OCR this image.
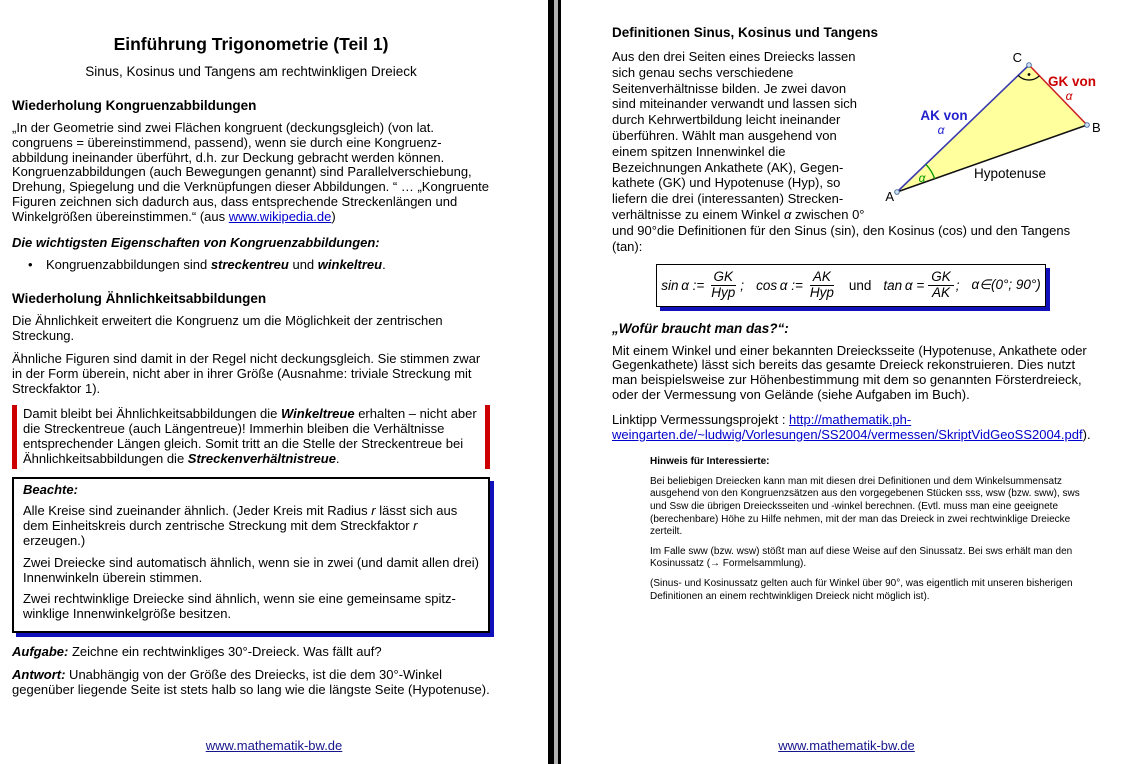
Einführung Trigonometrie (Teil 1)
Sinus, Kosinus und Tangens am rechtwinkligen Dreieck
Wiederholung Kongruenzabbildungen

„In der Geometrie sind zwei Flächen kongruent (deckungsgleich) (von lat. congruens = übereinstimmend, passend), wenn sie durch eine Kongruenzabbildung ineinander überführt, d.h. zur Deckung gebracht werden können. Kongruenzabbildungen (auch Bewegungen genannt) sind Parallelverschiebung, Drehung, Spiegelung und die Verknüpfungen dieser Abbildungen. “ … „Kongruente Figuren zeichnen sich dadurch aus, dass entsprechende Streckenlängen und Winkelgrößen übereinstimmen.“ (aus www.wikipedia.de)

Die wichtigsten Eigenschaften von Kongruenzabbildungen:
•	Kongruenzabbildungen sind streckentreu und winkeltreu.
Wiederholung Ähnlichkeitsabbildungen

Die Ähnlichkeit erweitert die Kongruenz um die Möglichkeit der zentrischen Streckung.

Ähnliche Figuren sind damit in der Regel nicht deckungsgleich. Sie stimmen zwar in der Form überein, nicht aber in ihrer Größe (Ausnahme: triviale Streckung mit Streckfaktor 1).

Damit bleibt bei Ähnlichkeitsabbildungen die Winkeltreue erhalten – nicht aber die Streckentreue (auch Längentreue)! Immerhin bleiben die Verhältnisse entsprechender Längen gleich. Somit tritt an die Stelle der Streckentreue bei Ähnlichkeitsabbildungen die Streckenverhältnistreue.
Beachte:

Alle Kreise sind zueinander ähnlich. (Jeder Kreis mit Radius r lässt sich aus dem Einheitskreis durch zentrische Streckung mit dem Streckfaktor r erzeugen.)

Zwei Dreiecke sind automatisch ähnlich, wenn sie in zwei (und damit allen drei) Innenwinkeln überein stimmen.

Zwei rechtwinklige Dreiecke sind ähnlich, wenn sie eine gemeinsame spitzwinklige Innenwinkelgröße besitzen.

Aufgabe: Zeichne ein rechtwinkliges 30°-Dreieck. Was fällt auf?
Antwort: Unabhängig von der Größe des Dreiecks, ist die dem 30°-Winkel gegenüber liegende Seite ist stets halb so lang wie die längste Seite (Hypotenuse).
www.mathematik-bw.de
Definitionen Sinus, Kosinus und Tangens

A
C
B
AK von
α
GK von
α
Hypotenuse
α
Aus den drei Seiten eines Dreiecks lassen sich genau sechs verschiedene Seitenverhältnisse bilden. Je zwei davon sind miteinander verwandt und lassen sich durch Kehrwertbildung leicht ineinander überführen. Wählt man ausgehend von einem spitzen Innenwinkel die Bezeichnungen Ankathete (AK), Gegenkathete (GK) und Hypotenuse (Hyp), so liefern die drei (interessanten) Streckenverhältnisse zu einem Winkel α zwischen 0° und 90°die Definitionen für den Sinus (sin), den Kosinus (cos) und den Tangens (tan):

sin α := $\frac{GK}{\text{Hyp}}$ ; cos α := $\frac{AK}{\text{Hyp}}$ und $\tan \alpha = \frac{GK}{AK}$ ; α∈(0°; 90°)
„Wofür braucht man das?“:

Mit einem Winkel und einer bekannten Dreiecksseite (Hypotenuse, Ankathete oder Gegenkathete) lässt sich bereits das gesamte Dreieck rekonstruieren. Dies nutzt man beispielsweise zur Höhenbestimmung mit dem so genannten Försterdreieck, oder der Vermessung von Gelände (siehe Aufgaben im Buch).

Linktipp Vermessungsprojekt : http://mathematik.ph-weingarten.de/~ludwig/Vorlesungen/SS2004/vermessen/SkriptVidGeoSS2004.pdf).

Hinweis für Interessierte:

Bei beliebigen Dreiecken kann man mit diesen drei Definitionen und dem Winkelsummensatz ausgehend von den Kongruenzsätzen aus den vorgegebenen Stücken sss, wsw (bzw. sww), sws und Ssw die übrigen Dreiecksseiten und -winkel berechnen. (Evtl. muss man eine geeignete (berechenbare) Höhe zu Hilfe nehmen, mit der man das Dreieck in zwei rechtwinklige Dreiecke zerteilt.

Im Falle sww (bzw. wsw) stößt man auf diese Weise auf den Sinussatz. Bei sws erhält man den Kosinussatz (→ Formelsammlung).

(Sinus- und Kosinussatz gelten auch für Winkel über 90°, was eigentlich mit unseren bisherigen Definitionen an einem rechtwinkligen Dreieck nicht möglich ist).

www.mathematik-bw.de
